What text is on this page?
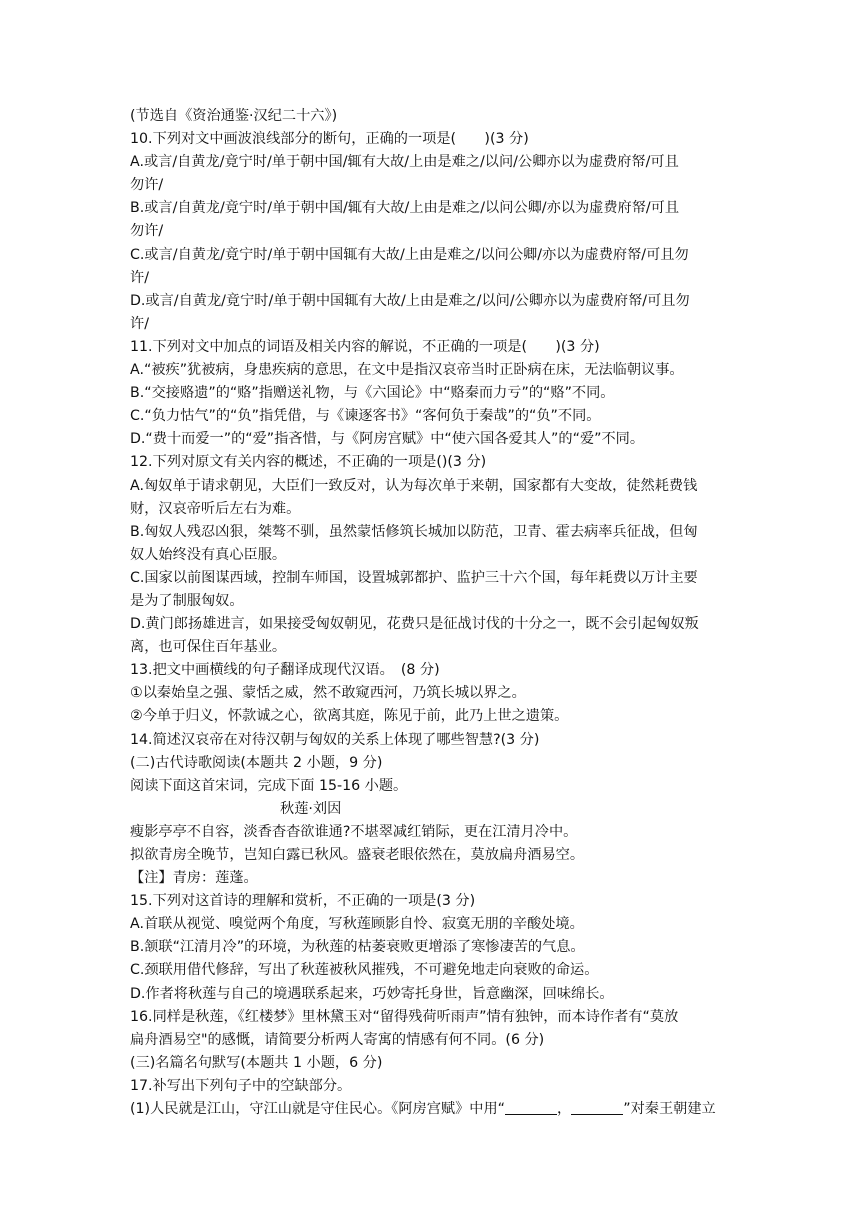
(节选自《资治通鉴·汉纪二十六》)
10.下列对文中画波浪线部分的断句，正确的一项是(　　)(3 分)
A.或言/自黄龙/竟宁时/单于朝中国/辄有大故/上由是难之/以问/公卿亦以为虚费府帑/可且
勿许/
B.或言/自黄龙/竟宁时/单于朝中国/辄有大故/上由是难之/以问公卿/亦以为虚费府帑/可且
勿许/
C.或言/自黄龙/竟宁时/单于朝中国辄有大故/上由是难之/以问公卿/亦以为虚费府帑/可且勿
许/
D.或言/自黄龙/竟宁时/单于朝中国辄有大故/上由是难之/以问/公卿亦以为虚费府帑/可且勿
许/
11.下列对文中加点的词语及相关内容的解说，不正确的一项是(　　)(3 分)
A.“被疾”犹被病，身患疾病的意思，在文中是指汉哀帝当时正卧病在床，无法临朝议事。
B.“交接赂遗”的“赂”指赠送礼物，与《六国论》中“赂秦而力亏”的“赂”不同。
C.“负力怙气”的“负”指凭借，与《谏逐客书》“客何负于秦哉”的“负”不同。
D.“费十而爱一”的“爱”指吝惜，与《阿房宫赋》中“使六国各爱其人”的“爱”不同。
12.下列对原文有关内容的概述，不正确的一项是()(3 分)
A.匈奴单于请求朝见，大臣们一致反对，认为每次单于来朝，国家都有大变故，徒然耗费钱
财，汉哀帝听后左右为难。
B.匈奴人残忍凶狠，桀骜不驯，虽然蒙恬修筑长城加以防范，卫青、霍去病率兵征战，但匈
奴人始终没有真心臣服。
C.国家以前图谋西域，控制车师国，设置城郭都护、监护三十六个国，每年耗费以万计主要
是为了制服匈奴。
D.黄门郎扬雄进言，如果接受匈奴朝见，花费只是征战讨伐的十分之一，既不会引起匈奴叛
离，也可保住百年基业。
13.把文中画横线的句子翻译成现代汉语。　(8 分)
①以秦始皇之强、蒙恬之威，然不敢窥西河，乃筑长城以界之。
②今单于归义，怀款诚之心，欲离其庭，陈见于前，此乃上世之遗策。
14.简述汉哀帝在对待汉朝与匈奴的关系上体现了哪些智慧?(3 分)
(二)古代诗歌阅读(本题共 2 小题，9 分)
阅读下面这首宋词，完成下面 15-16 小题。
秋莲·刘因
瘦影亭亭不自容，淡香杳杳欲谁通?不堪翠减红销际，更在江清月冷中。
拟欲青房全晚节，岂知白露已秋风。盛衰老眼依然在，莫放扁舟酒易空。
【注】青房：莲蓬。
15.下列对这首诗的理解和赏析，不正确的一项是(3 分)
A.首联从视觉、嗅觉两个角度，写秋莲顾影自怜、寂寞无朋的辛酸处境。
B.颔联“江清月冷”的环境，为秋莲的枯萎衰败更增添了寒惨凄苦的气息。
C.颈联用借代修辞，写出了秋莲被秋风摧残，不可避免地走向衰败的命运。
D.作者将秋莲与自己的境遇联系起来，巧妙寄托身世，旨意幽深，回味绵长。
16.同样是秋莲，《红楼梦》里林黛玉对“留得残荷听雨声”情有独钟，而本诗作者有“莫放
扁舟酒易空"的感慨，请简要分析两人寄寓的情感有何不同。(6 分)
(三)名篇名句默写(本题共 1 小题，6 分)
17.补写出下列句子中的空缺部分。
(1)人民就是江山，守江山就是守住民心。《阿房宫赋》中用“	，	”对秦王朝建立
